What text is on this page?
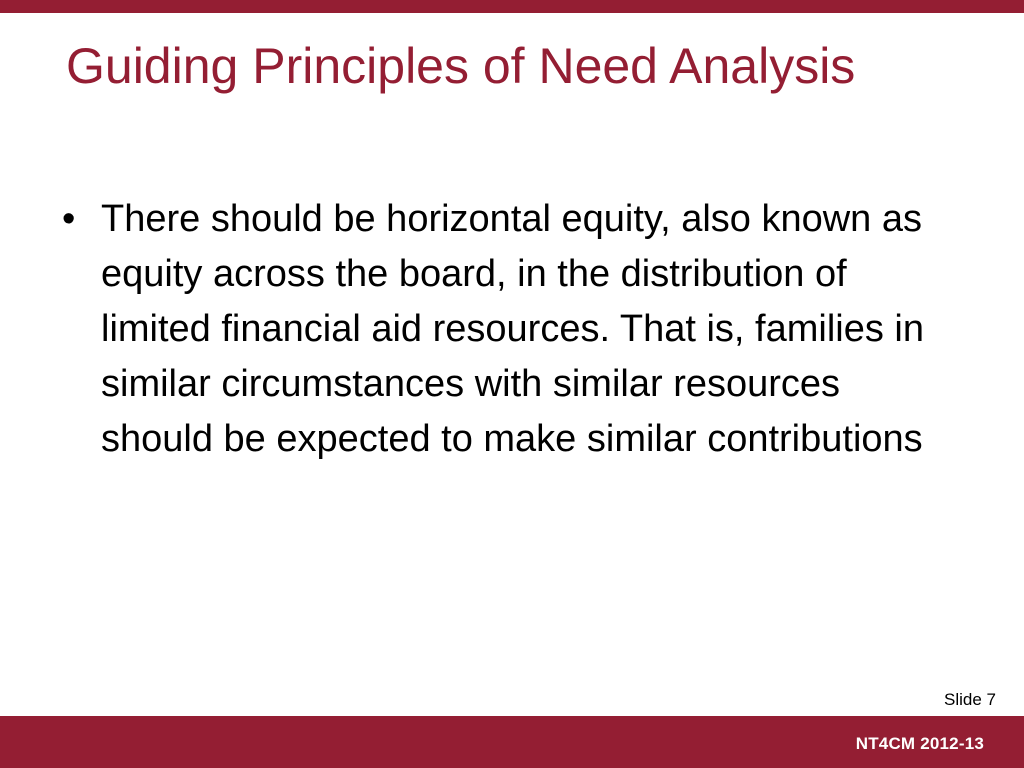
Guiding Principles of Need Analysis
• There should be horizontal equity, also known as equity across the board, in the distribution of limited financial aid resources. That is, families in similar circumstances with similar resources should be expected to make similar contributions
Slide 7
NT4CM 2012-13
